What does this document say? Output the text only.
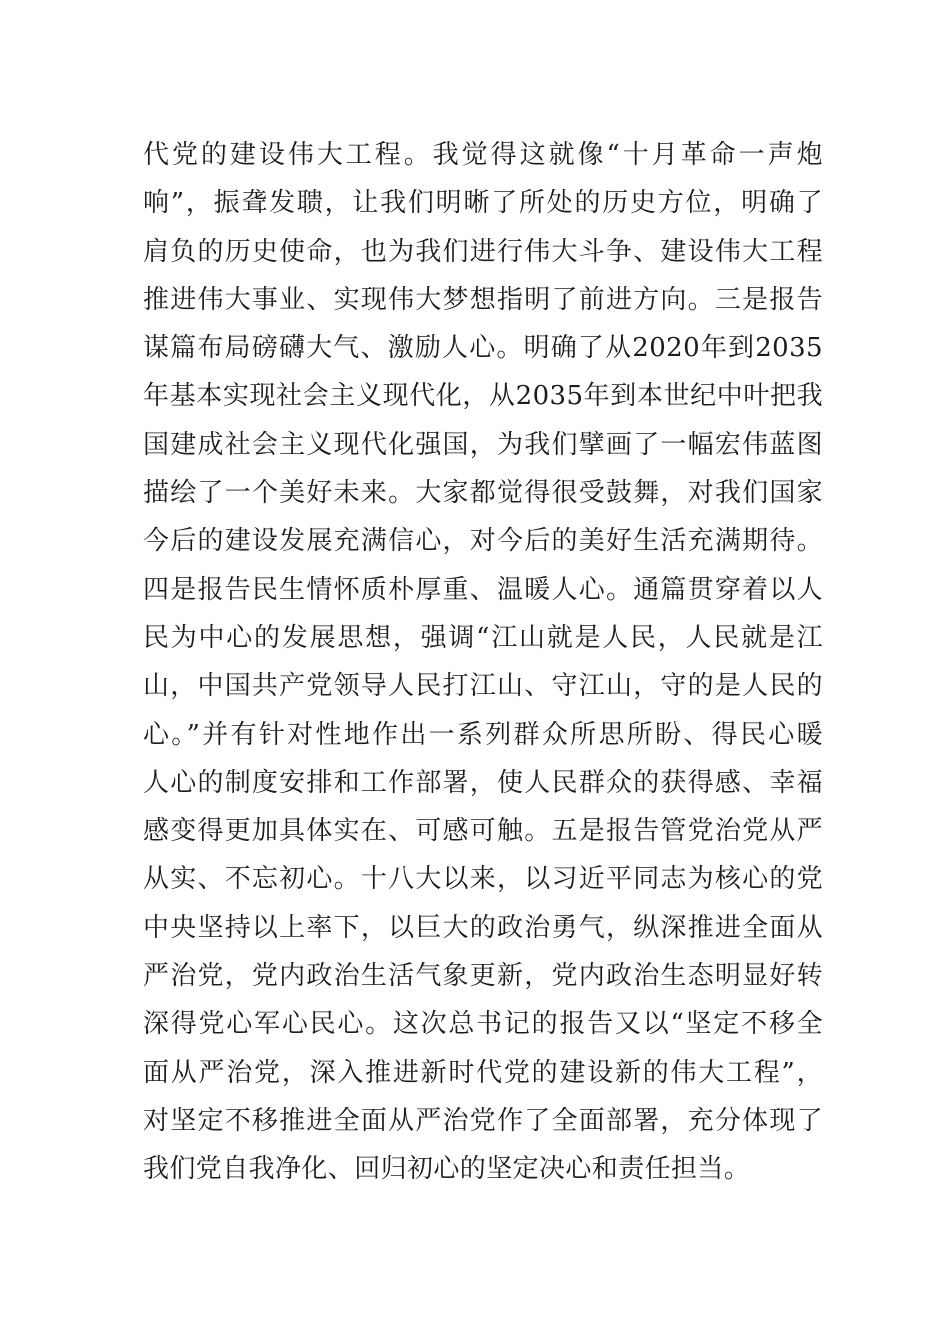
代党的建设伟大工程。我觉得这就像“十月革命一声炮
响”，振聋发聩，让我们明晰了所处的历史方位，明确了
肩负的历史使命，也为我们进行伟大斗争、建设伟大工程
推进伟大事业、实现伟大梦想指明了前进方向。三是报告
谋篇布局磅礴大气、激励人心。明确了从2020年到2035
年基本实现社会主义现代化，从2035年到本世纪中叶把我
国建成社会主义现代化强国，为我们擘画了一幅宏伟蓝图
描绘了一个美好未来。大家都觉得很受鼓舞，对我们国家
今后的建设发展充满信心，对今后的美好生活充满期待。
四是报告民生情怀质朴厚重、温暖人心。通篇贯穿着以人
民为中心的发展思想，强调“江山就是人民，人民就是江
山，中国共产党领导人民打江山、守江山，守的是人民的
心。”并有针对性地作出一系列群众所思所盼、得民心暖
人心的制度安排和工作部署，使人民群众的获得感、幸福
感变得更加具体实在、可感可触。五是报告管党治党从严
从实、不忘初心。十八大以来，以习近平同志为核心的党
中央坚持以上率下，以巨大的政治勇气，纵深推进全面从
严治党，党内政治生活气象更新，党内政治生态明显好转
深得党心军心民心。这次总书记的报告又以“坚定不移全
面从严治党，深入推进新时代党的建设新的伟大工程”，
对坚定不移推进全面从严治党作了全面部署，充分体现了
我们党自我净化、回归初心的坚定决心和责任担当。
